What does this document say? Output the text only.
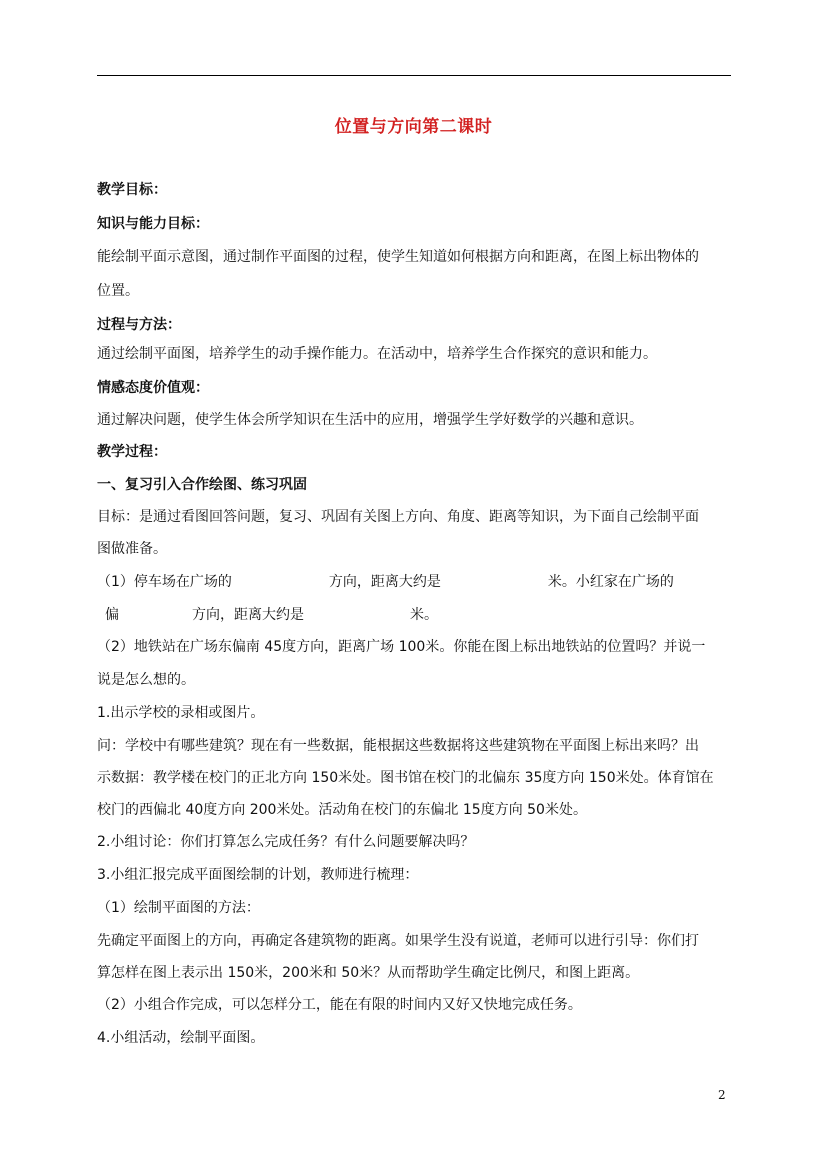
位置与方向第二课时
教学目标：
知识与能力目标：
能绘制平面示意图，通过制作平面图的过程，使学生知道如何根据方向和距离，在图上标出物体的
位置。
过程与方法：
通过绘制平面图，培养学生的动手操作能力。在活动中，培养学生合作探究的意识和能力。
情感态度价值观：
通过解决问题，使学生体会所学知识在生活中的应用，增强学生学好数学的兴趣和意识。
教学过程：
一、复习引入合作绘图、练习巩固
目标：是通过看图回答问题，复习、巩固有关图上方向、角度、距离等知识，为下面自己绘制平面
图做准备。
（1）停车场在广场的	方向，距离大约是	米。小红家在广场的
偏	方向，距离大约是	米。
（2）地铁站在广场东偏南 45度方向，距离广场 100米。你能在图上标出地铁站的位置吗？并说一
说是怎么想的。
1.出示学校的录相或图片。
问：学校中有哪些建筑？现在有一些数据，能根据这些数据将这些建筑物在平面图上标出来吗？出
示数据：教学楼在校门的正北方向 150米处。图书馆在校门的北偏东 35度方向 150米处。体育馆在
校门的西偏北 40度方向 200米处。活动角在校门的东偏北 15度方向 50米处。
2.小组讨论：你们打算怎么完成任务？有什么问题要解决吗？
3.小组汇报完成平面图绘制的计划，教师进行梳理：
（1）绘制平面图的方法：
先确定平面图上的方向，再确定各建筑物的距离。如果学生没有说道，老师可以进行引导：你们打
算怎样在图上表示出 150米，200米和 50米？从而帮助学生确定比例尺，和图上距离。
（2）小组合作完成，可以怎样分工，能在有限的时间内又好又快地完成任务。
4.小组活动，绘制平面图。
2
